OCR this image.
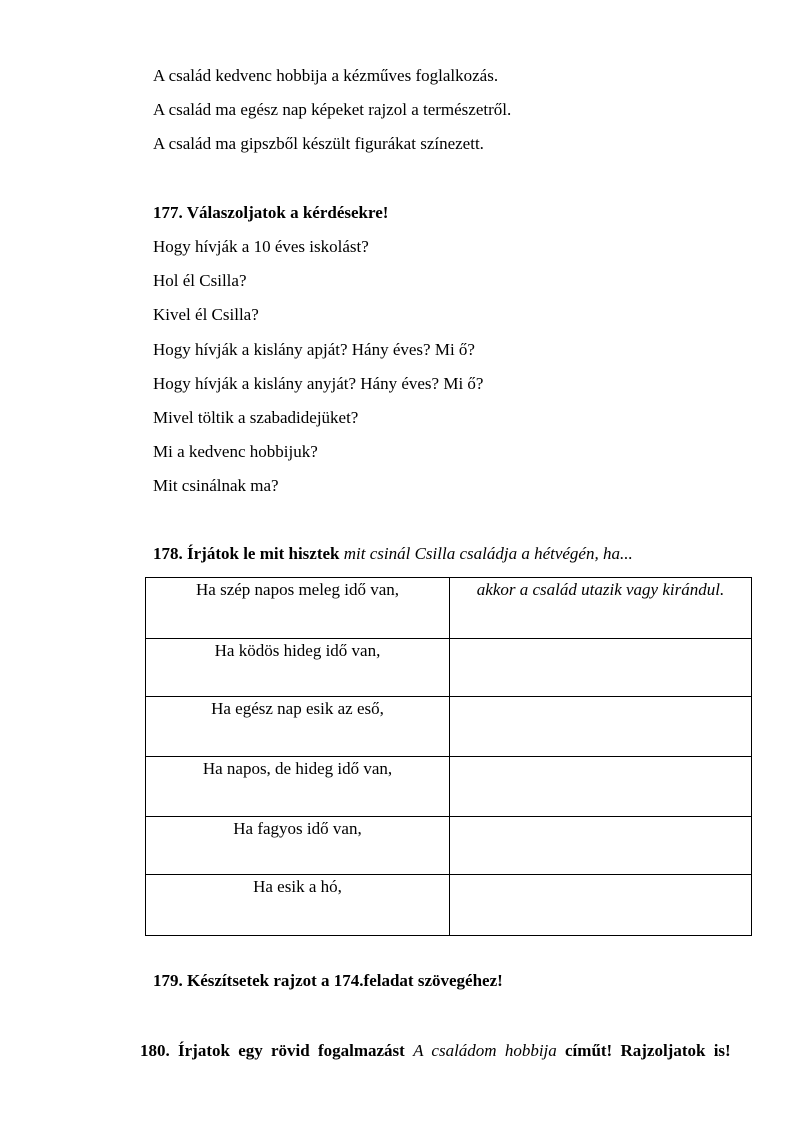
A család kedvenc hobbija a kézműves foglalkozás.
A család ma egész nap képeket rajzol a természetről.
A család ma gipszből készült figurákat színezett.
177. Válaszoljatok a kérdésekre!
Hogy hívják a 10 éves iskolást?
Hol él Csilla?
Kivel él Csilla?
Hogy hívják a kislány apját? Hány éves? Mi ő?
Hogy hívják a kislány anyját? Hány éves? Mi ő?
Mivel töltik a szabadidejüket?
Mi a kedvenc hobbijuk?
Mit csinálnak ma?
178. Írjátok le mit hisztek mit csinál Csilla családja a hétvégén, ha...
Ha szép napos meleg idő van,	akkor a család utazik vagy kirándul.
Ha ködös hideg idő van,	
Ha egész nap esik az eső,	
Ha napos, de hideg idő van,	
Ha fagyos idő van,	
Ha esik a hó,	
179. Készítsetek rajzot a 174.feladat szövegéhez!
180. Írjatok egy rövid fogalmazást A családom hobbija címűt! Rajzoljatok is!
